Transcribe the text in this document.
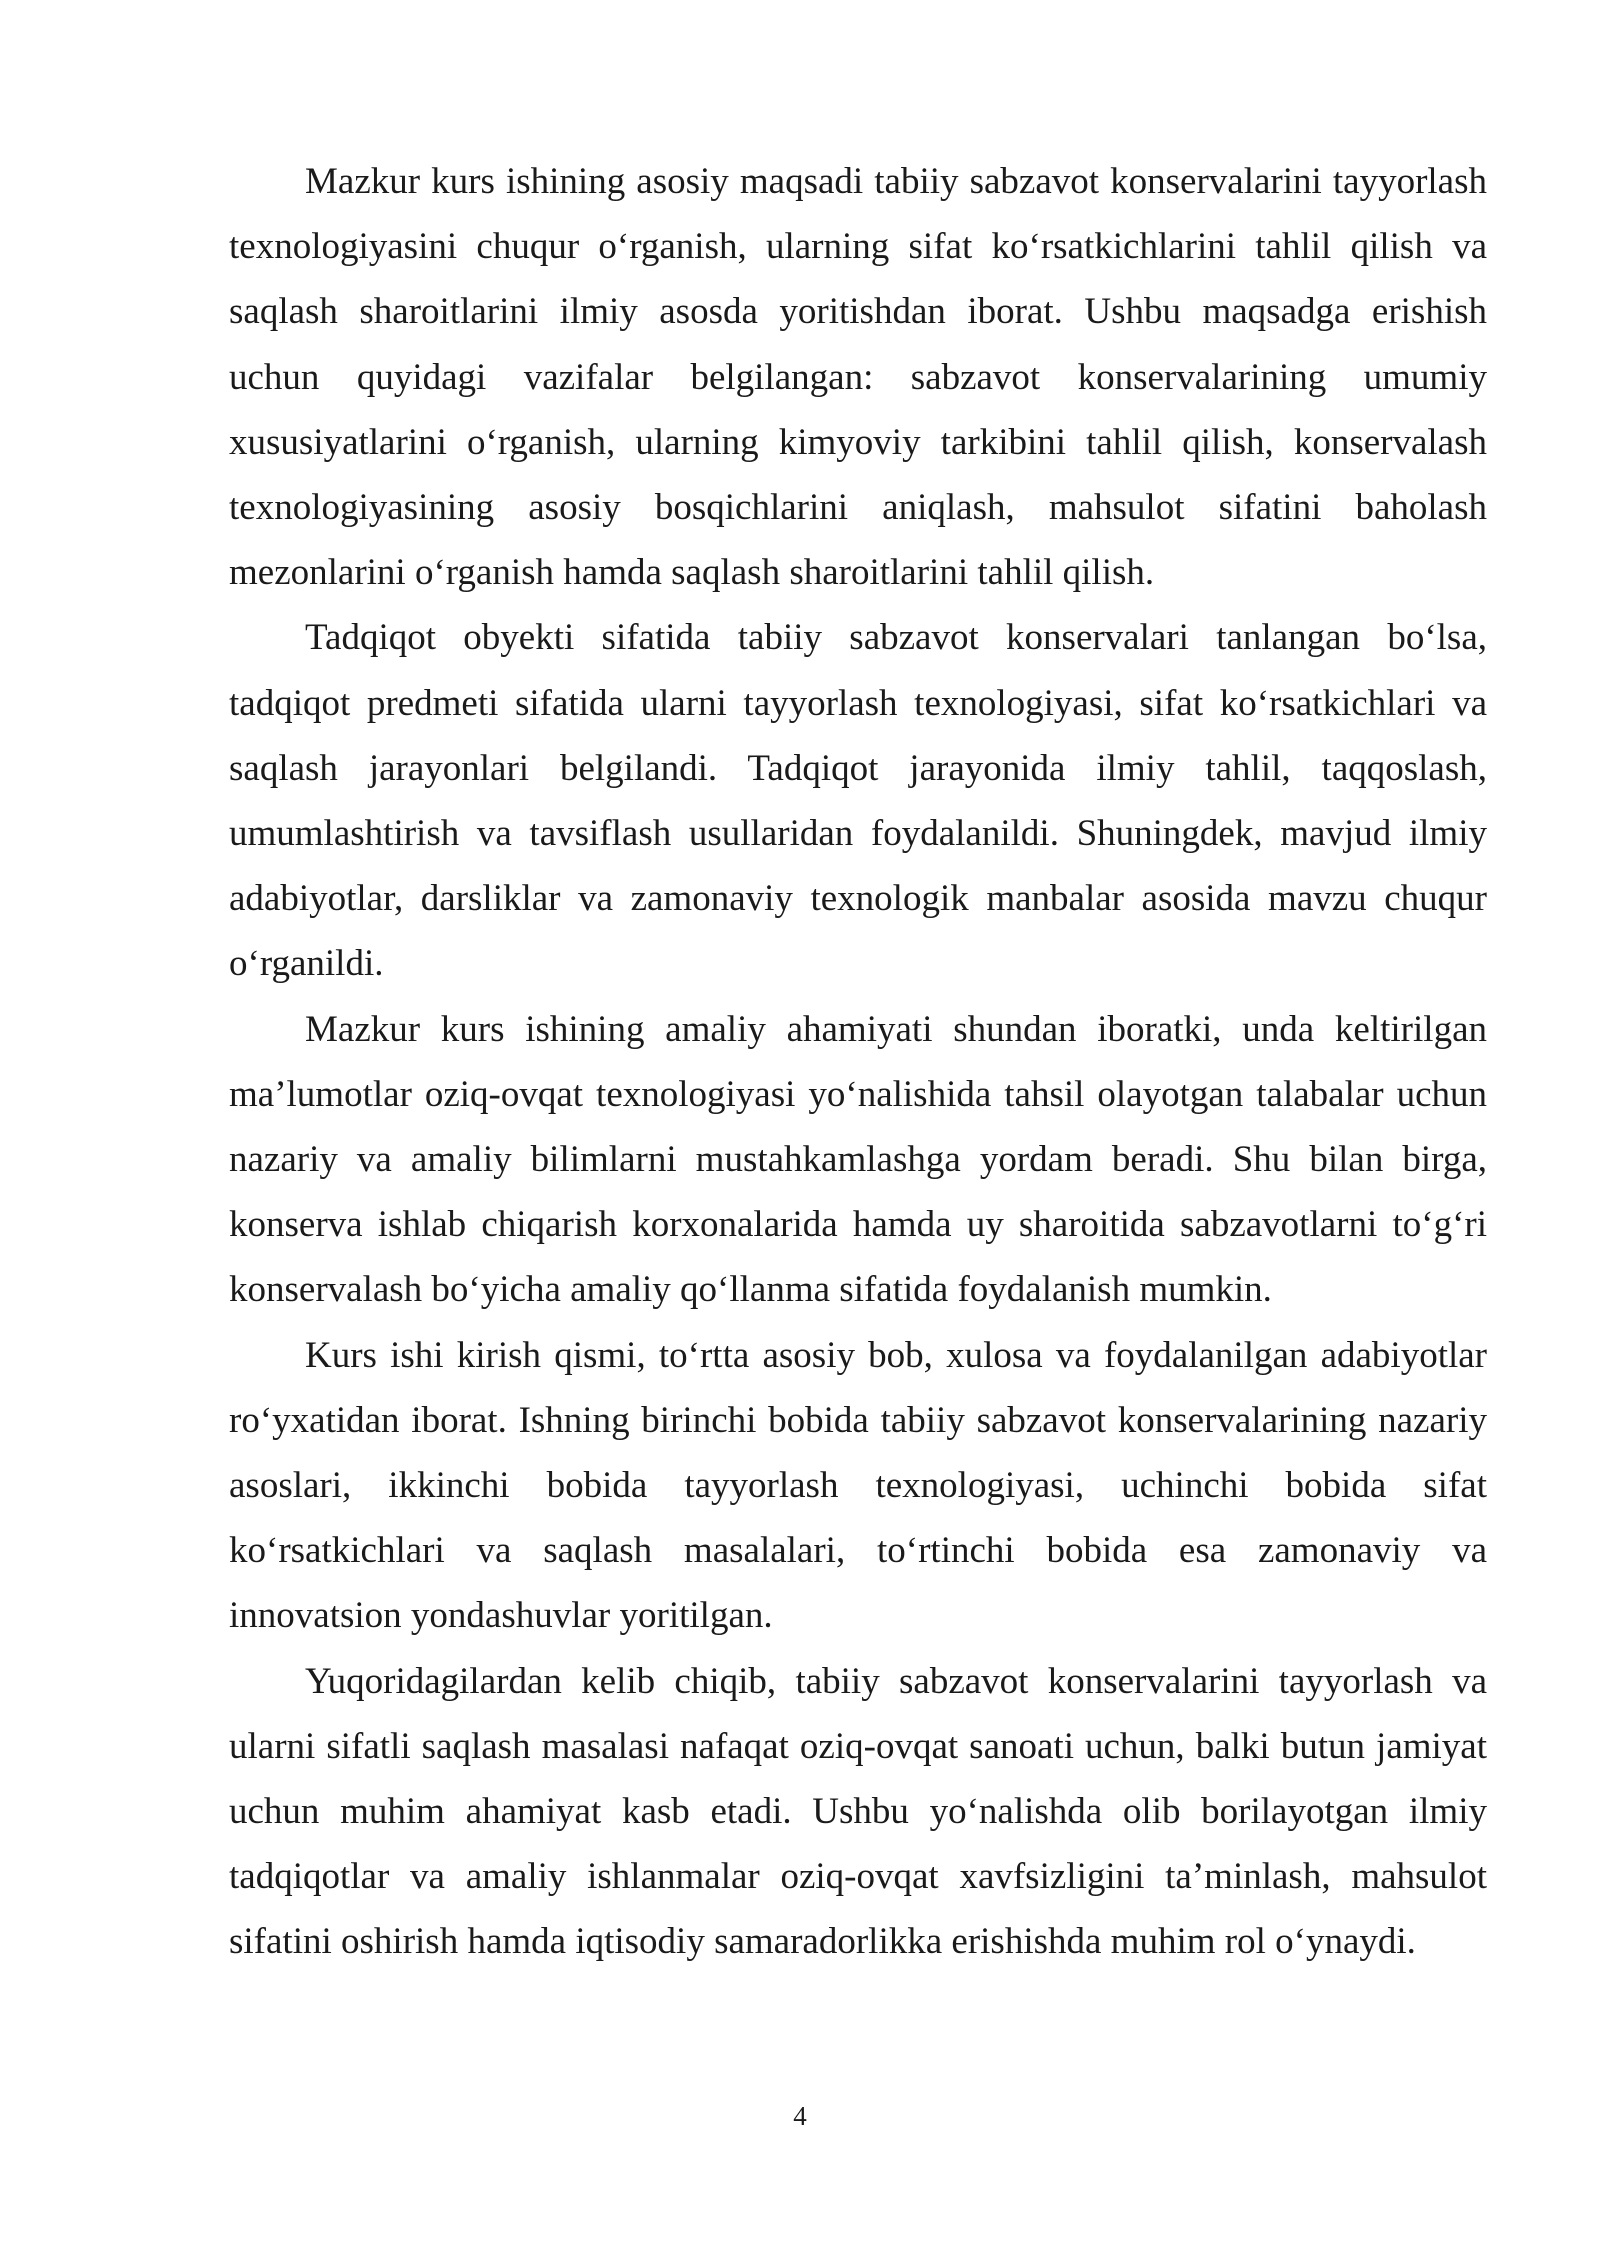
Mazkur kurs ishining asosiy maqsadi tabiiy sabzavot konservalarini tayyorlash texnologiyasini chuqur o‘rganish, ularning sifat ko‘rsatkichlarini tahlil qilish va saqlash sharoitlarini ilmiy asosda yoritishdan iborat. Ushbu maqsadga erishish uchun quyidagi vazifalar belgilangan: sabzavot konservalarining umumiy xususiyatlarini o‘rganish, ularning kimyoviy tarkibini tahlil qilish, konservalash texnologiyasining asosiy bosqichlarini aniqlash, mahsulot sifatini baholash mezonlarini o‘rganish hamda saqlash sharoitlarini tahlil qilish.

Tadqiqot obyekti sifatida tabiiy sabzavot konservalari tanlangan bo‘lsa, tadqiqot predmeti sifatida ularni tayyorlash texnologiyasi, sifat ko‘rsatkichlari va saqlash jarayonlari belgilandi. Tadqiqot jarayonida ilmiy tahlil, taqqoslash, umumlashtirish va tavsiflash usullaridan foydalanildi. Shuningdek, mavjud ilmiy adabiyotlar, darsliklar va zamonaviy texnologik manbalar asosida mavzu chuqur o‘rganildi.

Mazkur kurs ishining amaliy ahamiyati shundan iboratki, unda keltirilgan ma’lumotlar oziq-ovqat texnologiyasi yo‘nalishida tahsil olayotgan talabalar uchun nazariy va amaliy bilimlarni mustahkamlashga yordam beradi. Shu bilan birga, konserva ishlab chiqarish korxonalarida hamda uy sharoitida sabzavotlarni to‘g‘ri konservalash bo‘yicha amaliy qo‘llanma sifatida foydalanish mumkin.

Kurs ishi kirish qismi, to‘rtta asosiy bob, xulosa va foydalanilgan adabiyotlar ro‘yxatidan iborat. Ishning birinchi bobida tabiiy sabzavot konservalarining nazariy asoslari, ikkinchi bobida tayyorlash texnologiyasi, uchinchi bobida sifat ko‘rsatkichlari va saqlash masalalari, to‘rtinchi bobida esa zamonaviy va innovatsion yondashuvlar yoritilgan.

Yuqoridagilardan kelib chiqib, tabiiy sabzavot konservalarini tayyorlash va ularni sifatli saqlash masalasi nafaqat oziq-ovqat sanoati uchun, balki butun jamiyat uchun muhim ahamiyat kasb etadi. Ushbu yo‘nalishda olib borilayotgan ilmiy tadqiqotlar va amaliy ishlanmalar oziq-ovqat xavfsizligini ta’minlash, mahsulot sifatini oshirish hamda iqtisodiy samaradorlikka erishishda muhim rol o‘ynaydi.

4
